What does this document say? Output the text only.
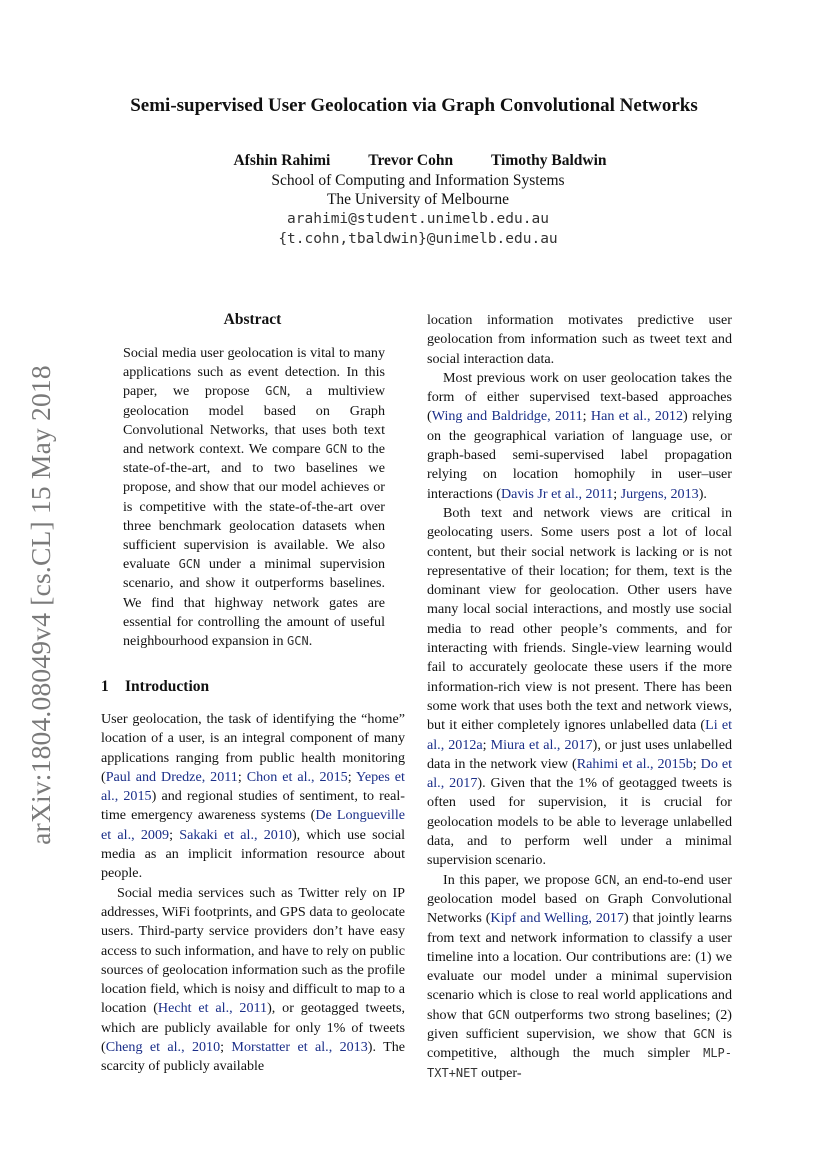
arXiv:1804.08049v4 [cs.CL] 15 May 2018
Semi-supervised User Geolocation via Graph Convolutional Networks
Afshin Rahimi Trevor Cohn Timothy Baldwin
School of Computing and Information Systems
The University of Melbourne
arahimi@student.unimelb.edu.au
{t.cohn,tbaldwin}@unimelb.edu.au
Abstract
Social media user geolocation is vital to many applications such as event detection. In this paper, we propose GCN, a multiview geolocation model based on Graph Convolutional Networks, that uses both text and network context. We compare GCN to the state-of-the-art, and to two baselines we propose, and show that our model achieves or is competitive with the state-of-the-art over three benchmark geolocation datasets when sufficient supervision is available. We also evaluate GCN under a minimal supervision scenario, and show it outperforms baselines. We find that highway network gates are essential for controlling the amount of useful neighbourhood expansion in GCN.
1 Introduction

User geolocation, the task of identifying the “home” location of a user, is an integral component of many applications ranging from public health monitoring (Paul and Dredze, 2011; Chon et al., 2015; Yepes et al., 2015) and regional studies of sentiment, to real-time emergency awareness systems (De Longueville et al., 2009; Sakaki et al., 2010), which use social media as an implicit information resource about people.

Social media services such as Twitter rely on IP addresses, WiFi footprints, and GPS data to geolocate users. Third-party service providers don’t have easy access to such information, and have to rely on public sources of geolocation information such as the profile location field, which is noisy and difficult to map to a location (Hecht et al., 2011), or geotagged tweets, which are publicly available for only 1% of tweets (Cheng et al., 2010; Morstatter et al., 2013). The scarcity of publicly available

location information motivates predictive user geolocation from information such as tweet text and social interaction data.

Most previous work on user geolocation takes the form of either supervised text-based approaches (Wing and Baldridge, 2011; Han et al., 2012) relying on the geographical variation of language use, or graph-based semi-supervised label propagation relying on location homophily in user–user interactions (Davis Jr et al., 2011; Jurgens, 2013).

Both text and network views are critical in geolocating users. Some users post a lot of local content, but their social network is lacking or is not representative of their location; for them, text is the dominant view for geolocation. Other users have many local social interactions, and mostly use social media to read other people’s comments, and for interacting with friends. Single-view learning would fail to accurately geolocate these users if the more information-rich view is not present. There has been some work that uses both the text and network views, but it either completely ignores unlabelled data (Li et al., 2012a; Miura et al., 2017), or just uses unlabelled data in the network view (Rahimi et al., 2015b; Do et al., 2017). Given that the 1% of geotagged tweets is often used for supervision, it is crucial for geolocation models to be able to leverage unlabelled data, and to perform well under a minimal supervision scenario.

In this paper, we propose GCN, an end-to-end user geolocation model based on Graph Convolutional Networks (Kipf and Welling, 2017) that jointly learns from text and network information to classify a user timeline into a location. Our contributions are: (1) we evaluate our model under a minimal supervision scenario which is close to real world applications and show that GCN outperforms two strong baselines; (2) given sufficient supervision, we show that GCN is competitive, although the much simpler MLP-TXT+NET outper-
